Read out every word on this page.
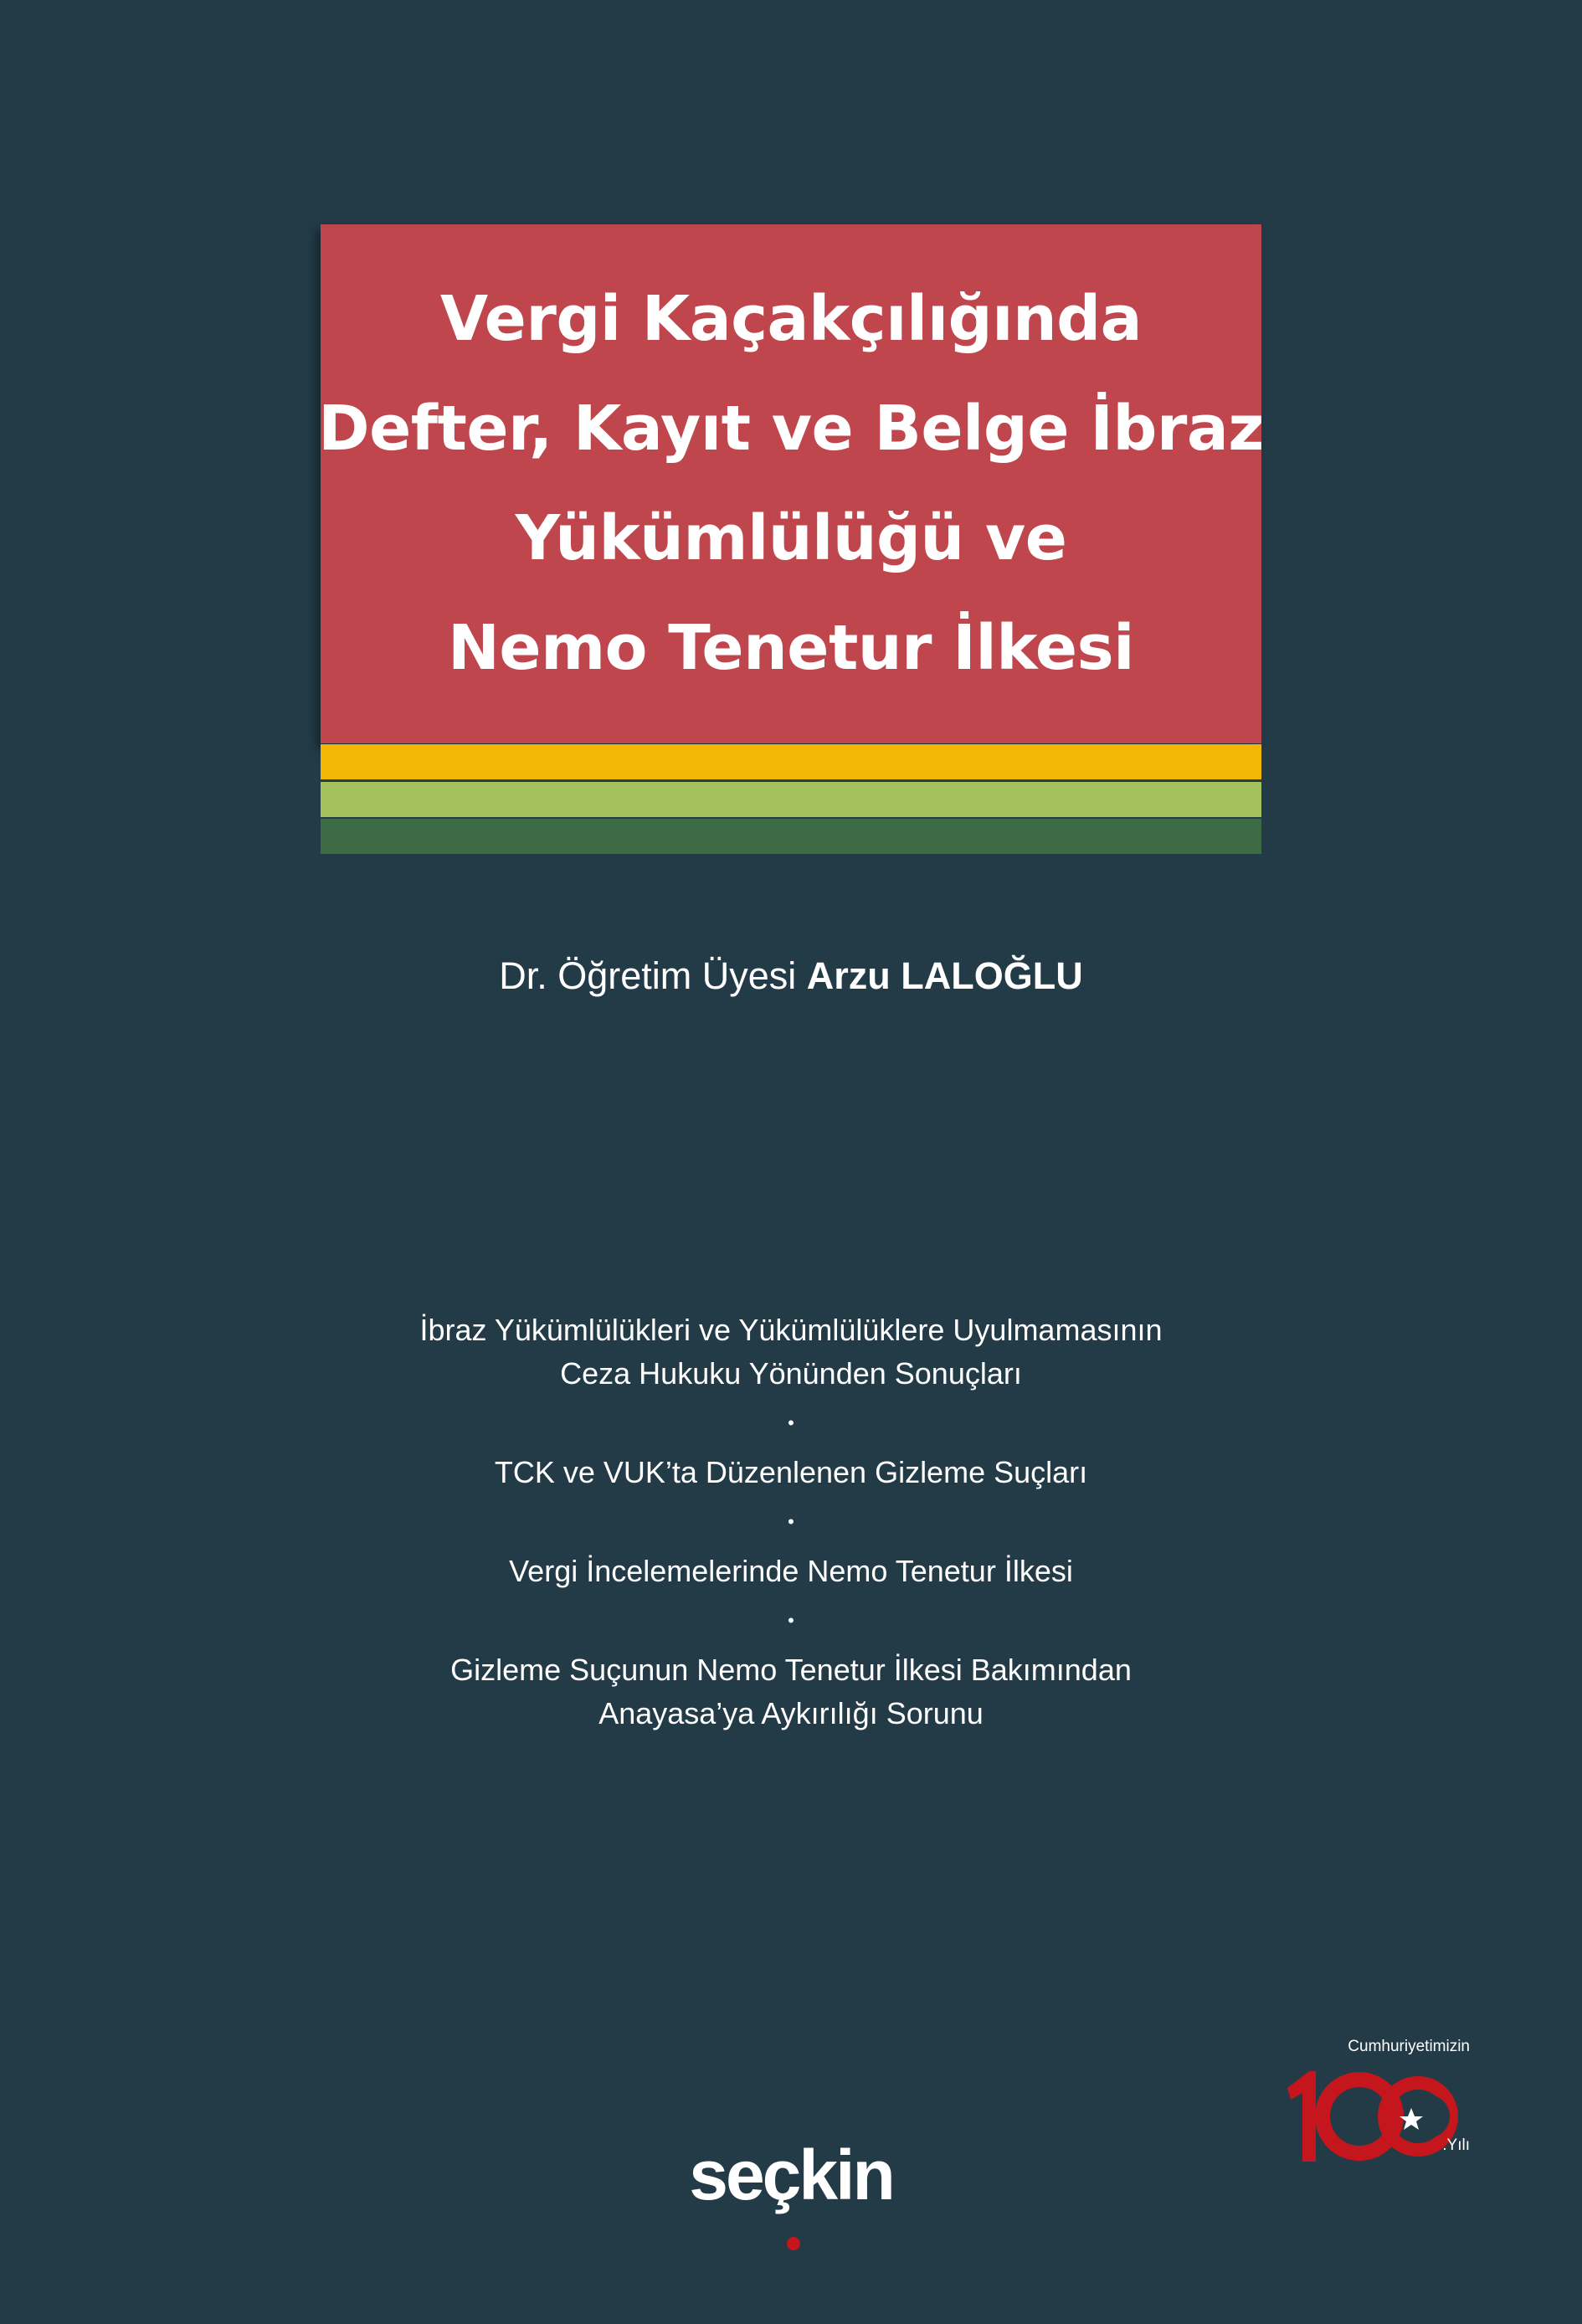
Vergi Kaçakçılığında
Defter, Kayıt ve Belge İbraz
Yükümlülüğü ve
Nemo Tenetur İlkesi
Dr. Öğretim Üyesi Arzu LALOĞLU
İbraz Yükümlülükleri ve Yükümlülüklere Uyulmamasının
Ceza Hukuku Yönünden Sonuçları
•
TCK ve VUK’ta Düzenlenen Gizleme Suçları
•
Vergi İncelemelerinde Nemo Tenetur İlkesi
•
Gizleme Suçunun Nemo Tenetur İlkesi Bakımından
Anayasa’ya Aykırılığı Sorunu
Cumhuriyetimizin
.Yılı
seçkin
